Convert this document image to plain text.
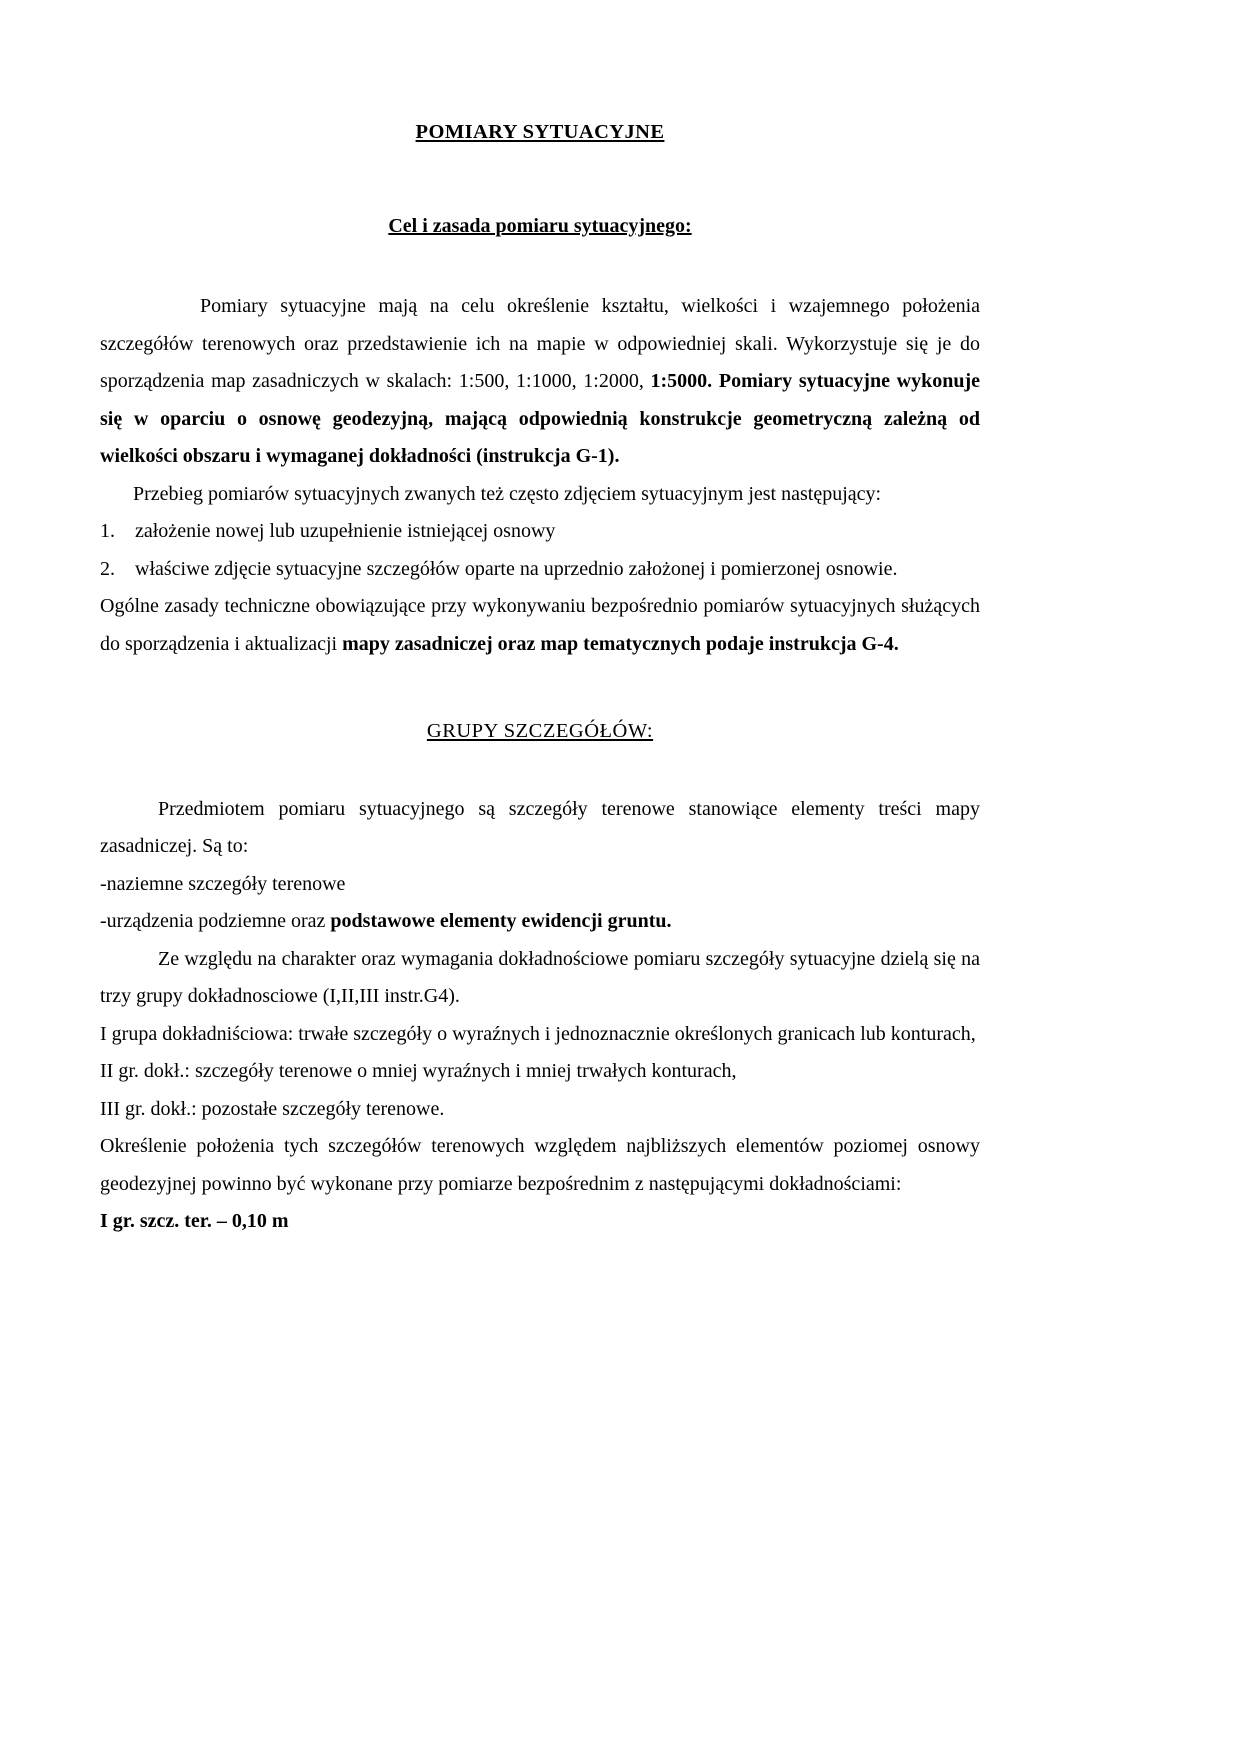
POMIARY SYTUACYJNE
Cel i zasada pomiaru sytuacyjnego:

Pomiary sytuacyjne mają na celu określenie kształtu, wielkości i wzajemnego położenia szczegółów terenowych oraz przedstawienie ich na mapie w odpowiedniej skali. Wykorzystuje się je do sporządzenia map zasadniczych w skalach: 1:500, 1:1000, 1:2000, 1:5000. Pomiary sytuacyjne wykonuje się w oparciu o osnowę geodezyjną, mającą odpowiednią konstrukcje geometryczną zależną od wielkości obszaru i wymaganej dokładności (instrukcja G-1).

Przebieg pomiarów sytuacyjnych zwanych też często zdjęciem sytuacyjnym jest następujący:

1.	założenie nowej lub uzupełnienie istniejącej osnowy
2.	właściwe zdjęcie sytuacyjne szczegółów oparte na uprzednio założonej i pomierzonej osnowie.

Ogólne zasady techniczne obowiązujące przy wykonywaniu bezpośrednio pomiarów sytuacyjnych służących do sporządzenia i aktualizacji mapy zasadniczej oraz map tematycznych podaje instrukcja G-4.

GRUPY SZCZEGÓŁÓW:

Przedmiotem pomiaru sytuacyjnego są szczegóły terenowe stanowiące elementy treści mapy zasadniczej. Są to:

-naziemne szczegóły terenowe

-urządzenia podziemne oraz podstawowe elementy ewidencji gruntu.

Ze względu na charakter oraz wymagania dokładnościowe pomiaru szczegóły sytuacyjne dzielą się na trzy grupy dokładnosciowe (I,II,III instr.G4).

I grupa dokładniściowa: trwałe szczegóły o wyraźnych i jednoznacznie określonych granicach lub konturach,

II gr. dokł.: szczegóły terenowe o mniej wyraźnych i mniej trwałych konturach,

III gr. dokł.: pozostałe szczegóły terenowe.

Określenie położenia tych szczegółów terenowych względem najbliższych elementów poziomej osnowy geodezyjnej powinno być wykonane przy pomiarze bezpośrednim z następującymi dokładnościami:

I gr. szcz. ter. – 0,10 m
